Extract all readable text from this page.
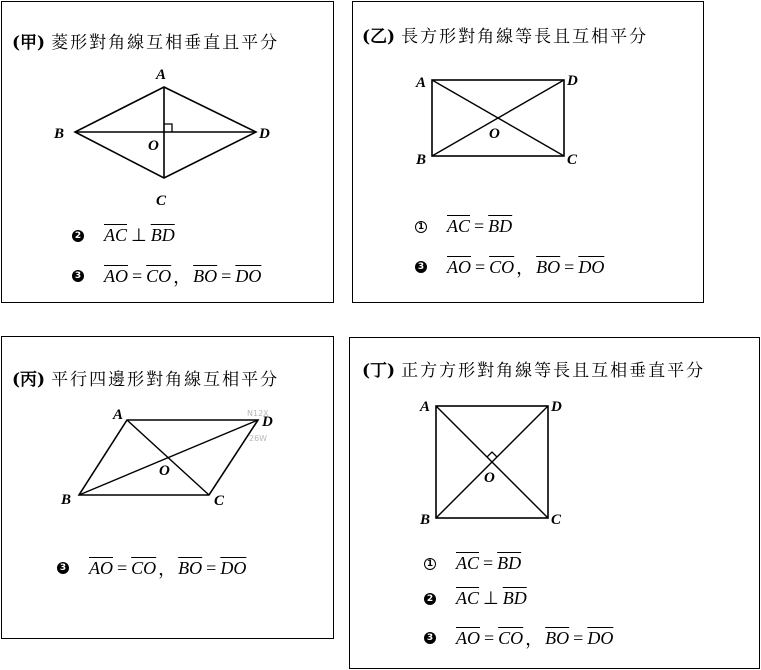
(甲) 菱形對角線互相垂直且平分
A
B
C
D
O
2 $\overline{AC}$ ⊥ $\overline{BD}$
3 $\overline{AO} = \overline{CO}$ ， $\overline{BO} = \overline{DO}$
(乙) 長方形對角線等長且互相平分
A
B	C
D
O
1 $\overline{AC} = \overline{BD}$
3 $\overline{AO} = \overline{CO}$ ， $\overline{BO} = \overline{DO}$
(丙) 平行四邊形對角線互相平分
N12X
26W
A
B	C
D
O
3 $\overline{AO} = \overline{CO}$ ， $\overline{BO} = \overline{DO}$
(丁) 正方方形對角線等長且互相垂直平分
A
B	C
D
O
1 $\overline{AC} = \overline{BD}$
2 $\overline{AC}$ ⊥ $\overline{BD}$
3 $\overline{AO} = \overline{CO}$ ， $\overline{BO} = \overline{DO}$
